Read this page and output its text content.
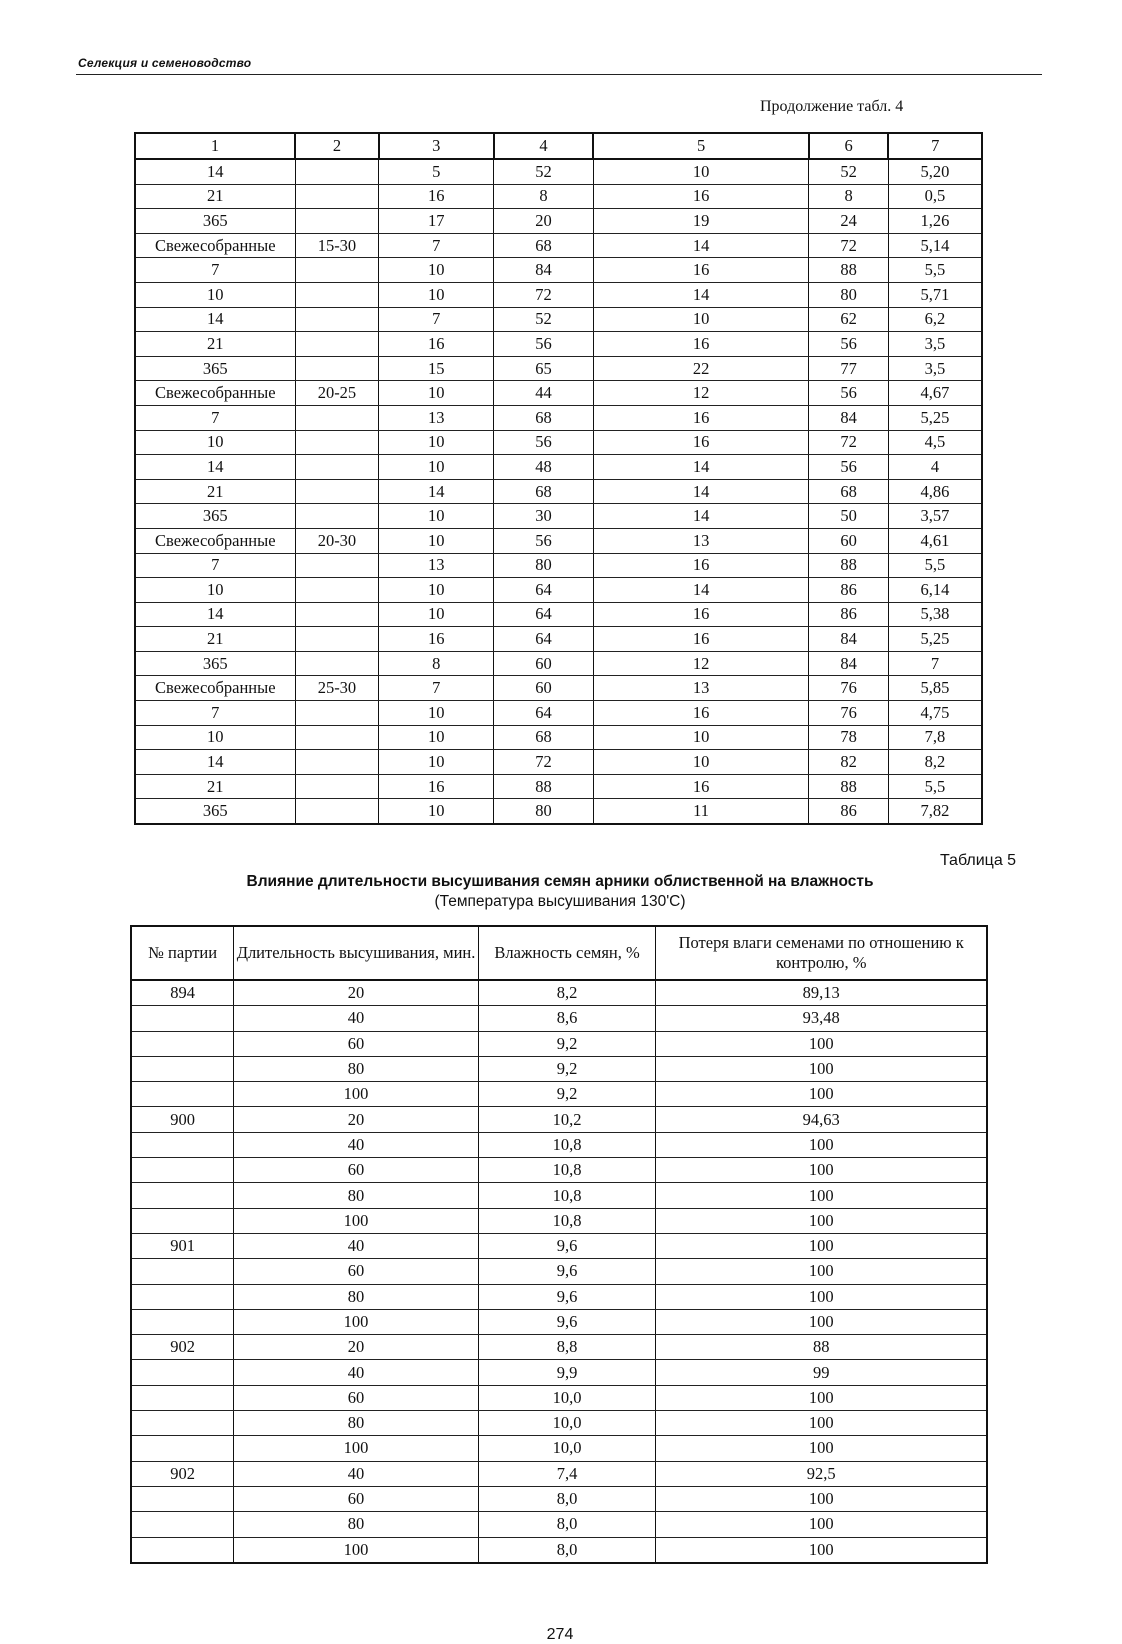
Селекция и семеноводство
Продолжение табл. 4
1	2	3	4	5	6	7
14		5	52	10	52	5,20
21		16	8	16	8	0,5
365		17	20	19	24	1,26
Свежесобранные	15-30	7	68	14	72	5,14
7		10	84	16	88	5,5
10		10	72	14	80	5,71
14		7	52	10	62	6,2
21		16	56	16	56	3,5
365		15	65	22	77	3,5
Свежесобранные	20-25	10	44	12	56	4,67
7		13	68	16	84	5,25
10		10	56	16	72	4,5
14		10	48	14	56	4
21		14	68	14	68	4,86
365		10	30	14	50	3,57
Свежесобранные	20-30	10	56	13	60	4,61
7		13	80	16	88	5,5
10		10	64	14	86	6,14
14		10	64	16	86	5,38
21		16	64	16	84	5,25
365		8	60	12	84	7
Свежесобранные	25-30	7	60	13	76	5,85
7		10	64	16	76	4,75
10		10	68	10	78	7,8
14		10	72	10	82	8,2
21		16	88	16	88	5,5
365		10	80	11	86	7,82
Таблица 5
Влияние длительности высушивания семян арники облиственной на влажность
(Температура высушивания 130'С)
№ партии	Длительность высушивания, мин.	Влажность семян, %	Потеря влаги семенами по отношению к контролю, %
894	20	8,2	89,13
	40	8,6	93,48
	60	9,2	100
	80	9,2	100
	100	9,2	100
900	20	10,2	94,63
	40	10,8	100
	60	10,8	100
	80	10,8	100
	100	10,8	100
901	40	9,6	100
	60	9,6	100
	80	9,6	100
	100	9,6	100
902	20	8,8	88
	40	9,9	99
	60	10,0	100
	80	10,0	100
	100	10,0	100
902	40	7,4	92,5
	60	8,0	100
	80	8,0	100
	100	8,0	100
274
